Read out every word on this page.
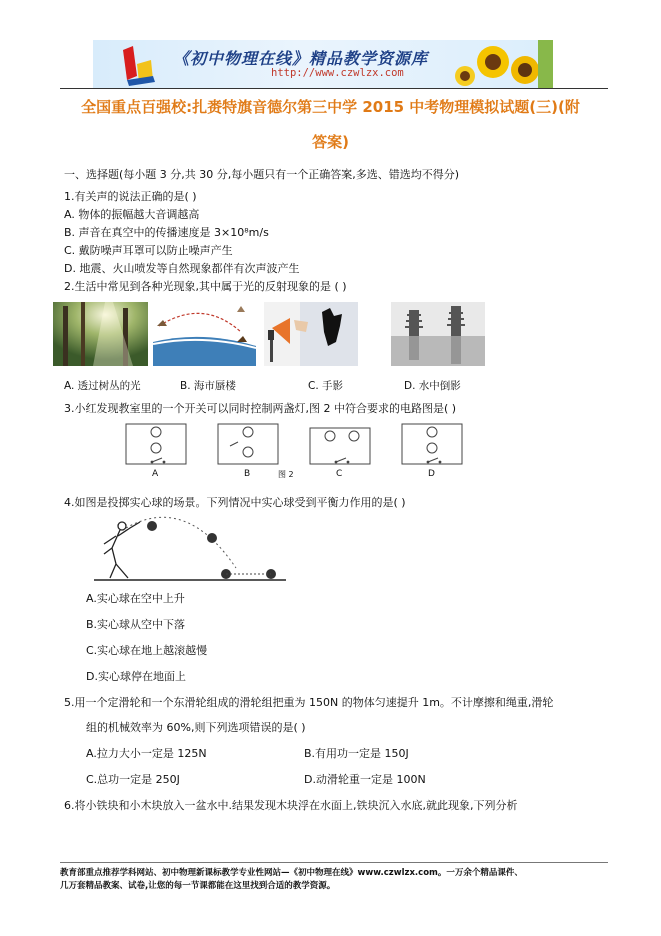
《初中物理在线》精品教学资源库
http://www.czwlzx.com
全国重点百强校:扎赉特旗音德尔第三中学 2015 中考物理模拟试题(三)(附
答案)
一、选择题(每小题 3 分,共 30 分,每小题只有一个正确答案,多选、错选均不得分)
1.有关声的说法正确的是( )
A. 物体的振幅越大音调越高
B. 声音在真空中的传播速度是 3×10⁸m/s
C. 戴防噪声耳罩可以防止噪声产生
D. 地震、火山喷发等自然现象都伴有次声波产生
2.生活中常见到各种光现象,其中属于光的反射现象的是 ( )
A. 透过树丛的光	B. 海市蜃楼	C. 手影	D. 水中倒影
3.小红发现教室里的一个开关可以同时控制两盏灯,图 2 中符合要求的电路图是( )
A	B	图 2	C	D
4.如图是投掷实心球的场景。下列情况中实心球受到平衡力作用的是( )
A.实心球在空中上升
B.实心球从空中下落
C.实心球在地上越滚越慢
D.实心球停在地面上
5.用一个定滑轮和一个东滑轮组成的滑轮组把重为 150N 的物体匀速提升 1m。不计摩擦和绳重,滑轮
组的机械效率为 60%,则下列选项错误的是( )
A.拉力大小一定是 125N	B.有用功一定是 150J
C.总功一定是 250J	D.动滑轮重一定是 100N
6.将小铁块和小木块放入一盆水中.结果发现木块浮在水面上,铁块沉入水底,就此现象,下列分析
教育部重点推荐学科网站、初中物理新课标教学专业性网站—《初中物理在线》www.czwlzx.com。一万余个精品课件、
几万套精品教案、试卷,让您的每一节课都能在这里找到合适的教学资源。
